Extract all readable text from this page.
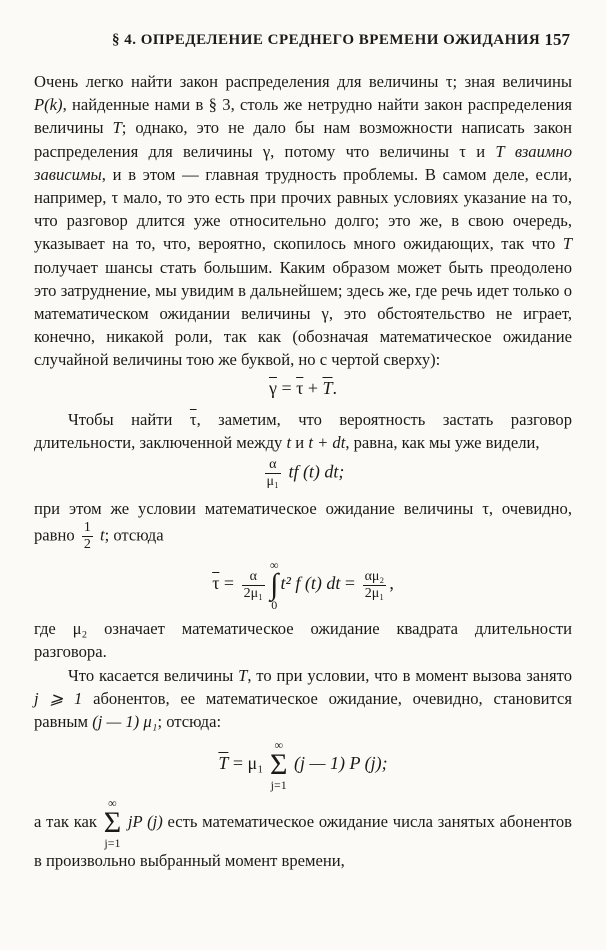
§ 4. ОПРЕДЕЛЕНИЕ СРЕДНЕГО ВРЕМЕНИ ОЖИДАНИЯ 157

Очень легко найти закон распределения для величины τ; зная величины P(k), найденные нами в § 3, столь же нетрудно найти закон распределения величины T; однако, это не дало бы нам возможности написать закон распределения для величины γ, потому что величины τ и T взаимно зависимы, и в этом — главная трудность проблемы. В самом деле, если, например, τ мало, то это есть при прочих равных условиях указание на то, что разговор длится уже относительно долго; это же, в свою очередь, указывает на то, что, вероятно, скопилось много ожидающих, так что T получает шансы стать большим. Каким образом может быть преодолено это затруднение, мы увидим в дальнейшем; здесь же, где речь идет только о математическом ожидании величины γ, это обстоятельство не играет, конечно, никакой роли, так как (обозначая математическое ожидание случайной величины тою же буквой, но с чертой сверху):

$\overline{\gamma} = \overline{\tau} + \overline{T}$.

Чтобы найти $\overline{\tau}$, заметим, что вероятность застать разговор длительности, заключенной между t и t + dt, равна, как мы уже видели,

$\frac{\alpha}{\text{μ₁}}$ tf (t) dt;

при этом же условии математическое ожидание величины τ, очевидно, равно $\frac{1}{2} t$; отсюда

$\overline{\tau} = \frac{\alpha}{\text{2μ₁}}$
∞
∫
0
t² f (t) dt = $\frac{\text{αμ₂}}{\text{2μ₁}}$ ,

где μ₂ означает математическое ожидание квадрата длительности разговора.

Что касается величины T, то при условии, что в момент вызова занято j ⩾ 1 абонентов, ее математическое ожидание, очевидно, становится равным (j — 1) μ₁; отсюда:

$\overline{T} = \mu_1$
∞
Σ
j=1
(j — 1) P (j);

а так как
∞
Σ
j=1
jP (j) есть математическое ожидание числа занятых абонентов в произвольно выбранный момент времени,
